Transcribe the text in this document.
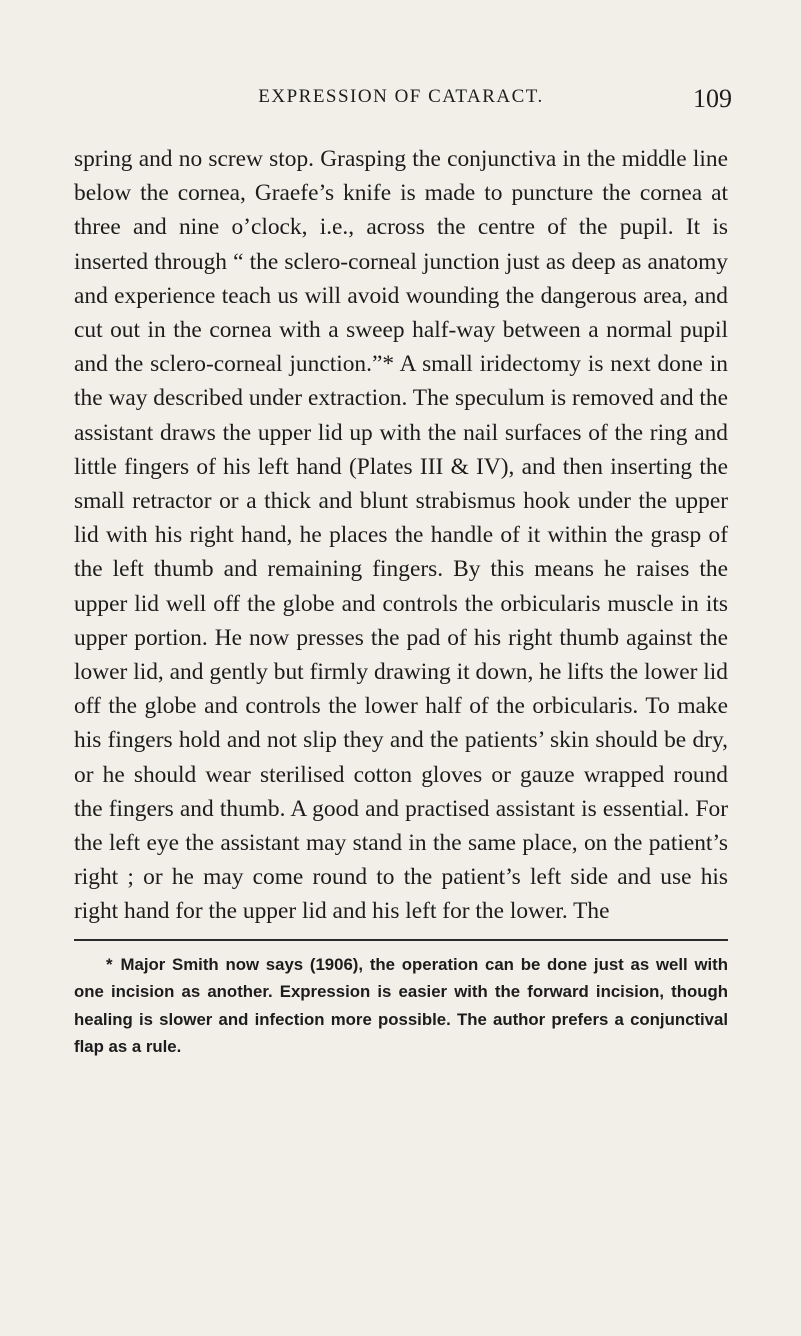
EXPRESSION OF CATARACT.	109

spring and no screw stop. Grasping the conjunctiva in the middle line below the cornea, Graefe’s knife is made to puncture the cornea at three and nine o’clock, i.e., across the centre of the pupil. It is inserted through “ the sclero-corneal junction just as deep as anatomy and experience teach us will avoid wounding the dangerous area, and cut out in the cornea with a sweep half-way between a normal pupil and the sclero-corneal junction.”* A small iridectomy is next done in the way described under extraction. The speculum is removed and the assistant draws the upper lid up with the nail surfaces of the ring and little fingers of his left hand (Plates III & IV), and then inserting the small retractor or a thick and blunt strabismus hook under the upper lid with his right hand, he places the handle of it within the grasp of the left thumb and remaining fingers. By this means he raises the upper lid well off the globe and controls the orbicularis muscle in its upper portion. He now presses the pad of his right thumb against the lower lid, and gently but firmly drawing it down, he lifts the lower lid off the globe and controls the lower half of the orbicularis. To make his fingers hold and not slip they and the patients’ skin should be dry, or he should wear sterilised cotton gloves or gauze wrapped round the fingers and thumb. A good and practised assistant is essential. For the left eye the assistant may stand in the same place, on the patient’s right ; or he may come round to the patient’s left side and use his right hand for the upper lid and his left for the lower. The

* Major Smith now says (1906), the operation can be done just as well with one incision as another. Expression is easier with the forward incision, though healing is slower and infection more possible. The author prefers a conjunctival flap as a rule.
